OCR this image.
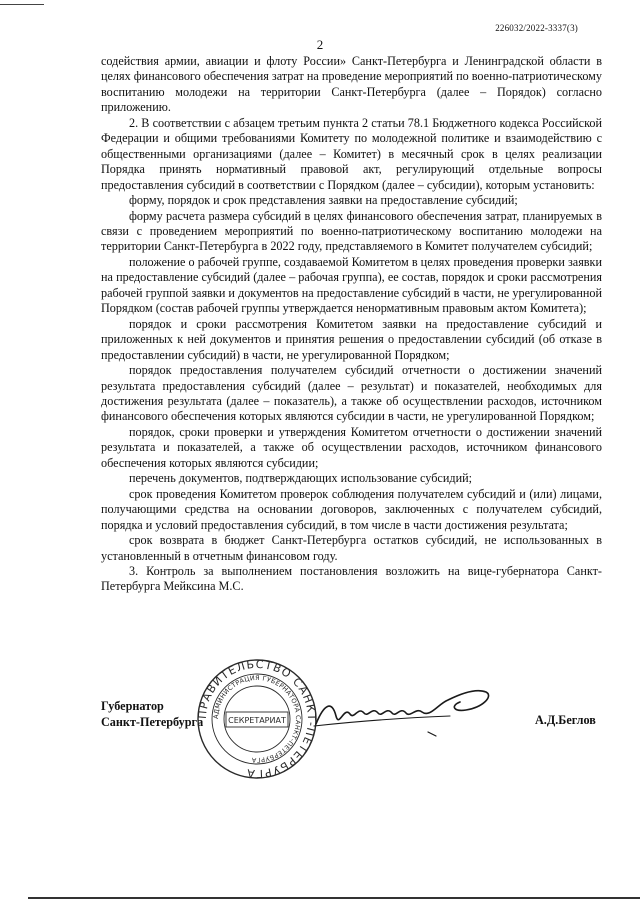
226032/2022-3337(3)
2

содействия армии, авиации и флоту России» Санкт-Петербурга и Ленинградской области в целях финансового обеспечения затрат на проведение мероприятий по военно-патриотическому воспитанию молодежи на территории Санкт-Петербурга (далее – Порядок) согласно приложению.

2. В соответствии с абзацем третьим пункта 2 статьи 78.1 Бюджетного кодекса Российской Федерации и общими требованиями Комитету по молодежной политике и взаимодействию с общественными организациями (далее – Комитет) в месячный срок в целях реализации Порядка принять нормативный правовой акт, регулирующий отдельные вопросы предоставления субсидий в соответствии с Порядком (далее – субсидии), которым установить:

форму, порядок и срок представления заявки на предоставление субсидий;

форму расчета размера субсидий в целях финансового обеспечения затрат, планируемых в связи с проведением мероприятий по военно-патриотическому воспитанию молодежи на территории Санкт-Петербурга в 2022 году, представляемого в Комитет получателем субсидий;

положение о рабочей группе, создаваемой Комитетом в целях проведения проверки заявки на предоставление субсидий (далее – рабочая группа), ее состав, порядок и сроки рассмотрения рабочей группой заявки и документов на предоставление субсидий в части, не урегулированной Порядком (состав рабочей группы утверждается ненормативным правовым актом Комитета);

порядок и сроки рассмотрения Комитетом заявки на предоставление субсидий и приложенных к ней документов и принятия решения о предоставлении субсидий (об отказе в предоставлении субсидий) в части, не урегулированной Порядком;

порядок предоставления получателем субсидий отчетности о достижении значений результата предоставления субсидий (далее – результат) и показателей, необходимых для достижения результата (далее – показатель), а также об осуществлении расходов, источником финансового обеспечения которых являются субсидии в части, не урегулированной Порядком;

порядок, сроки проверки и утверждения Комитетом отчетности о достижении значений результата и показателей, а также об осуществлении расходов, источником финансового обеспечения которых являются субсидии;

перечень документов, подтверждающих использование субсидий;

срок проведения Комитетом проверок соблюдения получателем субсидий и (или) лицами, получающими средства на основании договоров, заключенных с получателем субсидий, порядка и условий предоставления субсидий, в том числе в части достижения результата;

срок возврата в бюджет Санкт-Петербурга остатков субсидий, не использованных в установленный в отчетным финансовом году.

3. Контроль за выполнением постановления возложить на вице-губернатора Санкт-Петербурга Мейксина М.С.

Губернатор
Санкт-Петербурга
ПРАВИТЕЛЬСТВО САНКТ-ПЕТЕРБУРГА
АДМИНИСТРАЦИЯ ГУБЕРНАТОРА САНКТ-ПЕТЕРБУРГА
СЕКРЕТАРИАТ	А.Д.Беглов
